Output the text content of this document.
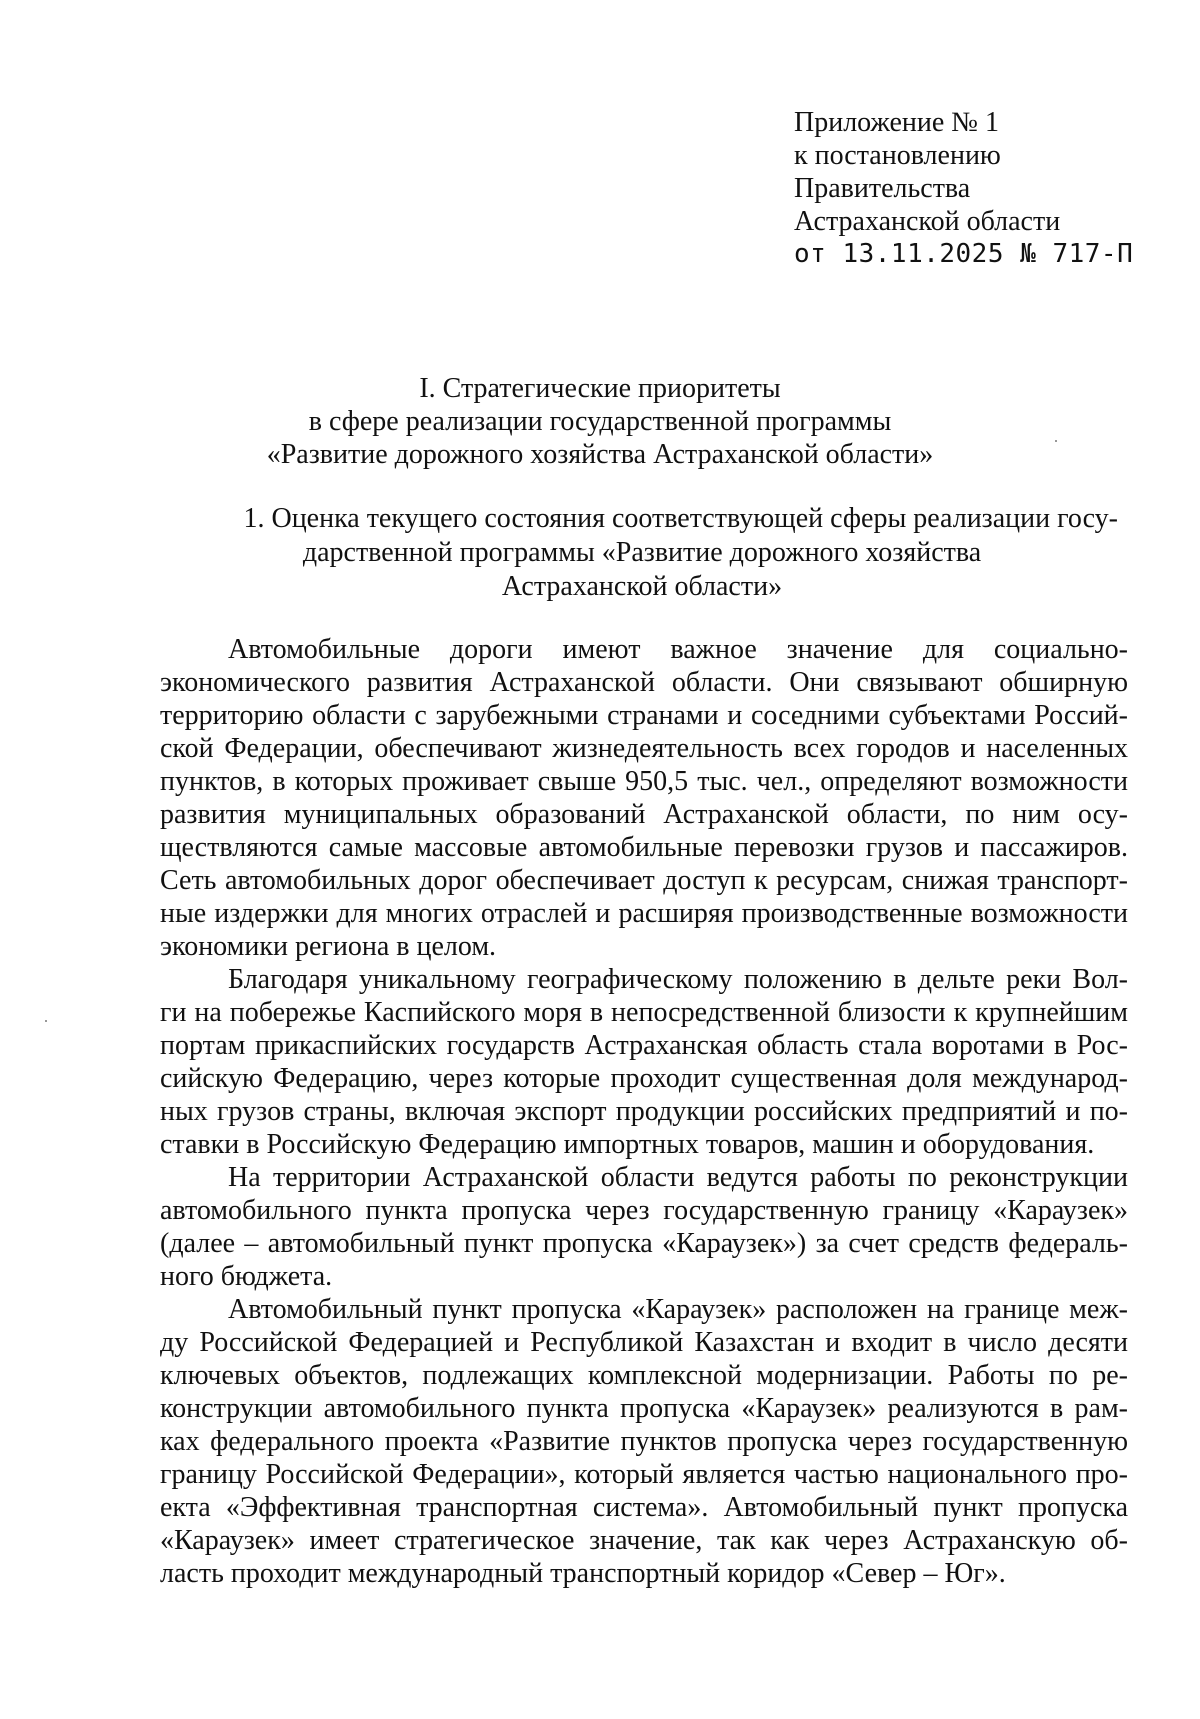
Приложение № 1
к постановлению
Правительства
Астраханской области
от 13.11.2025 № 717-П
I. Стратегические приоритеты
в сфере реализации государственной программы
«Развитие дорожного хозяйства Астраханской области»
1. Оценка текущего состояния соответствующей сферы реализации госу-
дарственной программы «Развитие дорожного хозяйства
Астраханской области»
Автомобильные дороги имеют важное значение для социально-
экономического развития Астраханской области. Они связывают обширную
территорию области с зарубежными странами и соседними субъектами Россий-
ской Федерации, обеспечивают жизнедеятельность всех городов и населенных
пунктов, в которых проживает свыше 950,5 тыс. чел., определяют возможности
развития муниципальных образований Астраханской области, по ним осу-
ществляются самые массовые автомобильные перевозки грузов и пассажиров.
Сеть автомобильных дорог обеспечивает доступ к ресурсам, снижая транспорт-
ные издержки для многих отраслей и расширяя производственные возможности
экономики региона в целом.
Благодаря уникальному географическому положению в дельте реки Вол-
ги на побережье Каспийского моря в непосредственной близости к крупнейшим
портам прикаспийских государств Астраханская область стала воротами в Рос-
сийскую Федерацию, через которые проходит существенная доля международ-
ных грузов страны, включая экспорт продукции российских предприятий и по-
ставки в Российскую Федерацию импортных товаров, машин и оборудования.
На территории Астраханской области ведутся работы по реконструкции
автомобильного пункта пропуска через государственную границу «Караузек»
(далее – автомобильный пункт пропуска «Караузек») за счет средств федераль-
ного бюджета.
Автомобильный пункт пропуска «Караузек» расположен на границе меж-
ду Российской Федерацией и Республикой Казахстан и входит в число десяти
ключевых объектов, подлежащих комплексной модернизации. Работы по ре-
конструкции автомобильного пункта пропуска «Караузек» реализуются в рам-
ках федерального проекта «Развитие пунктов пропуска через государственную
границу Российской Федерации», который является частью национального про-
екта «Эффективная транспортная система». Автомобильный пункт пропуска
«Караузек» имеет стратегическое значение, так как через Астраханскую об-
ласть проходит международный транспортный коридор «Север – Юг».
